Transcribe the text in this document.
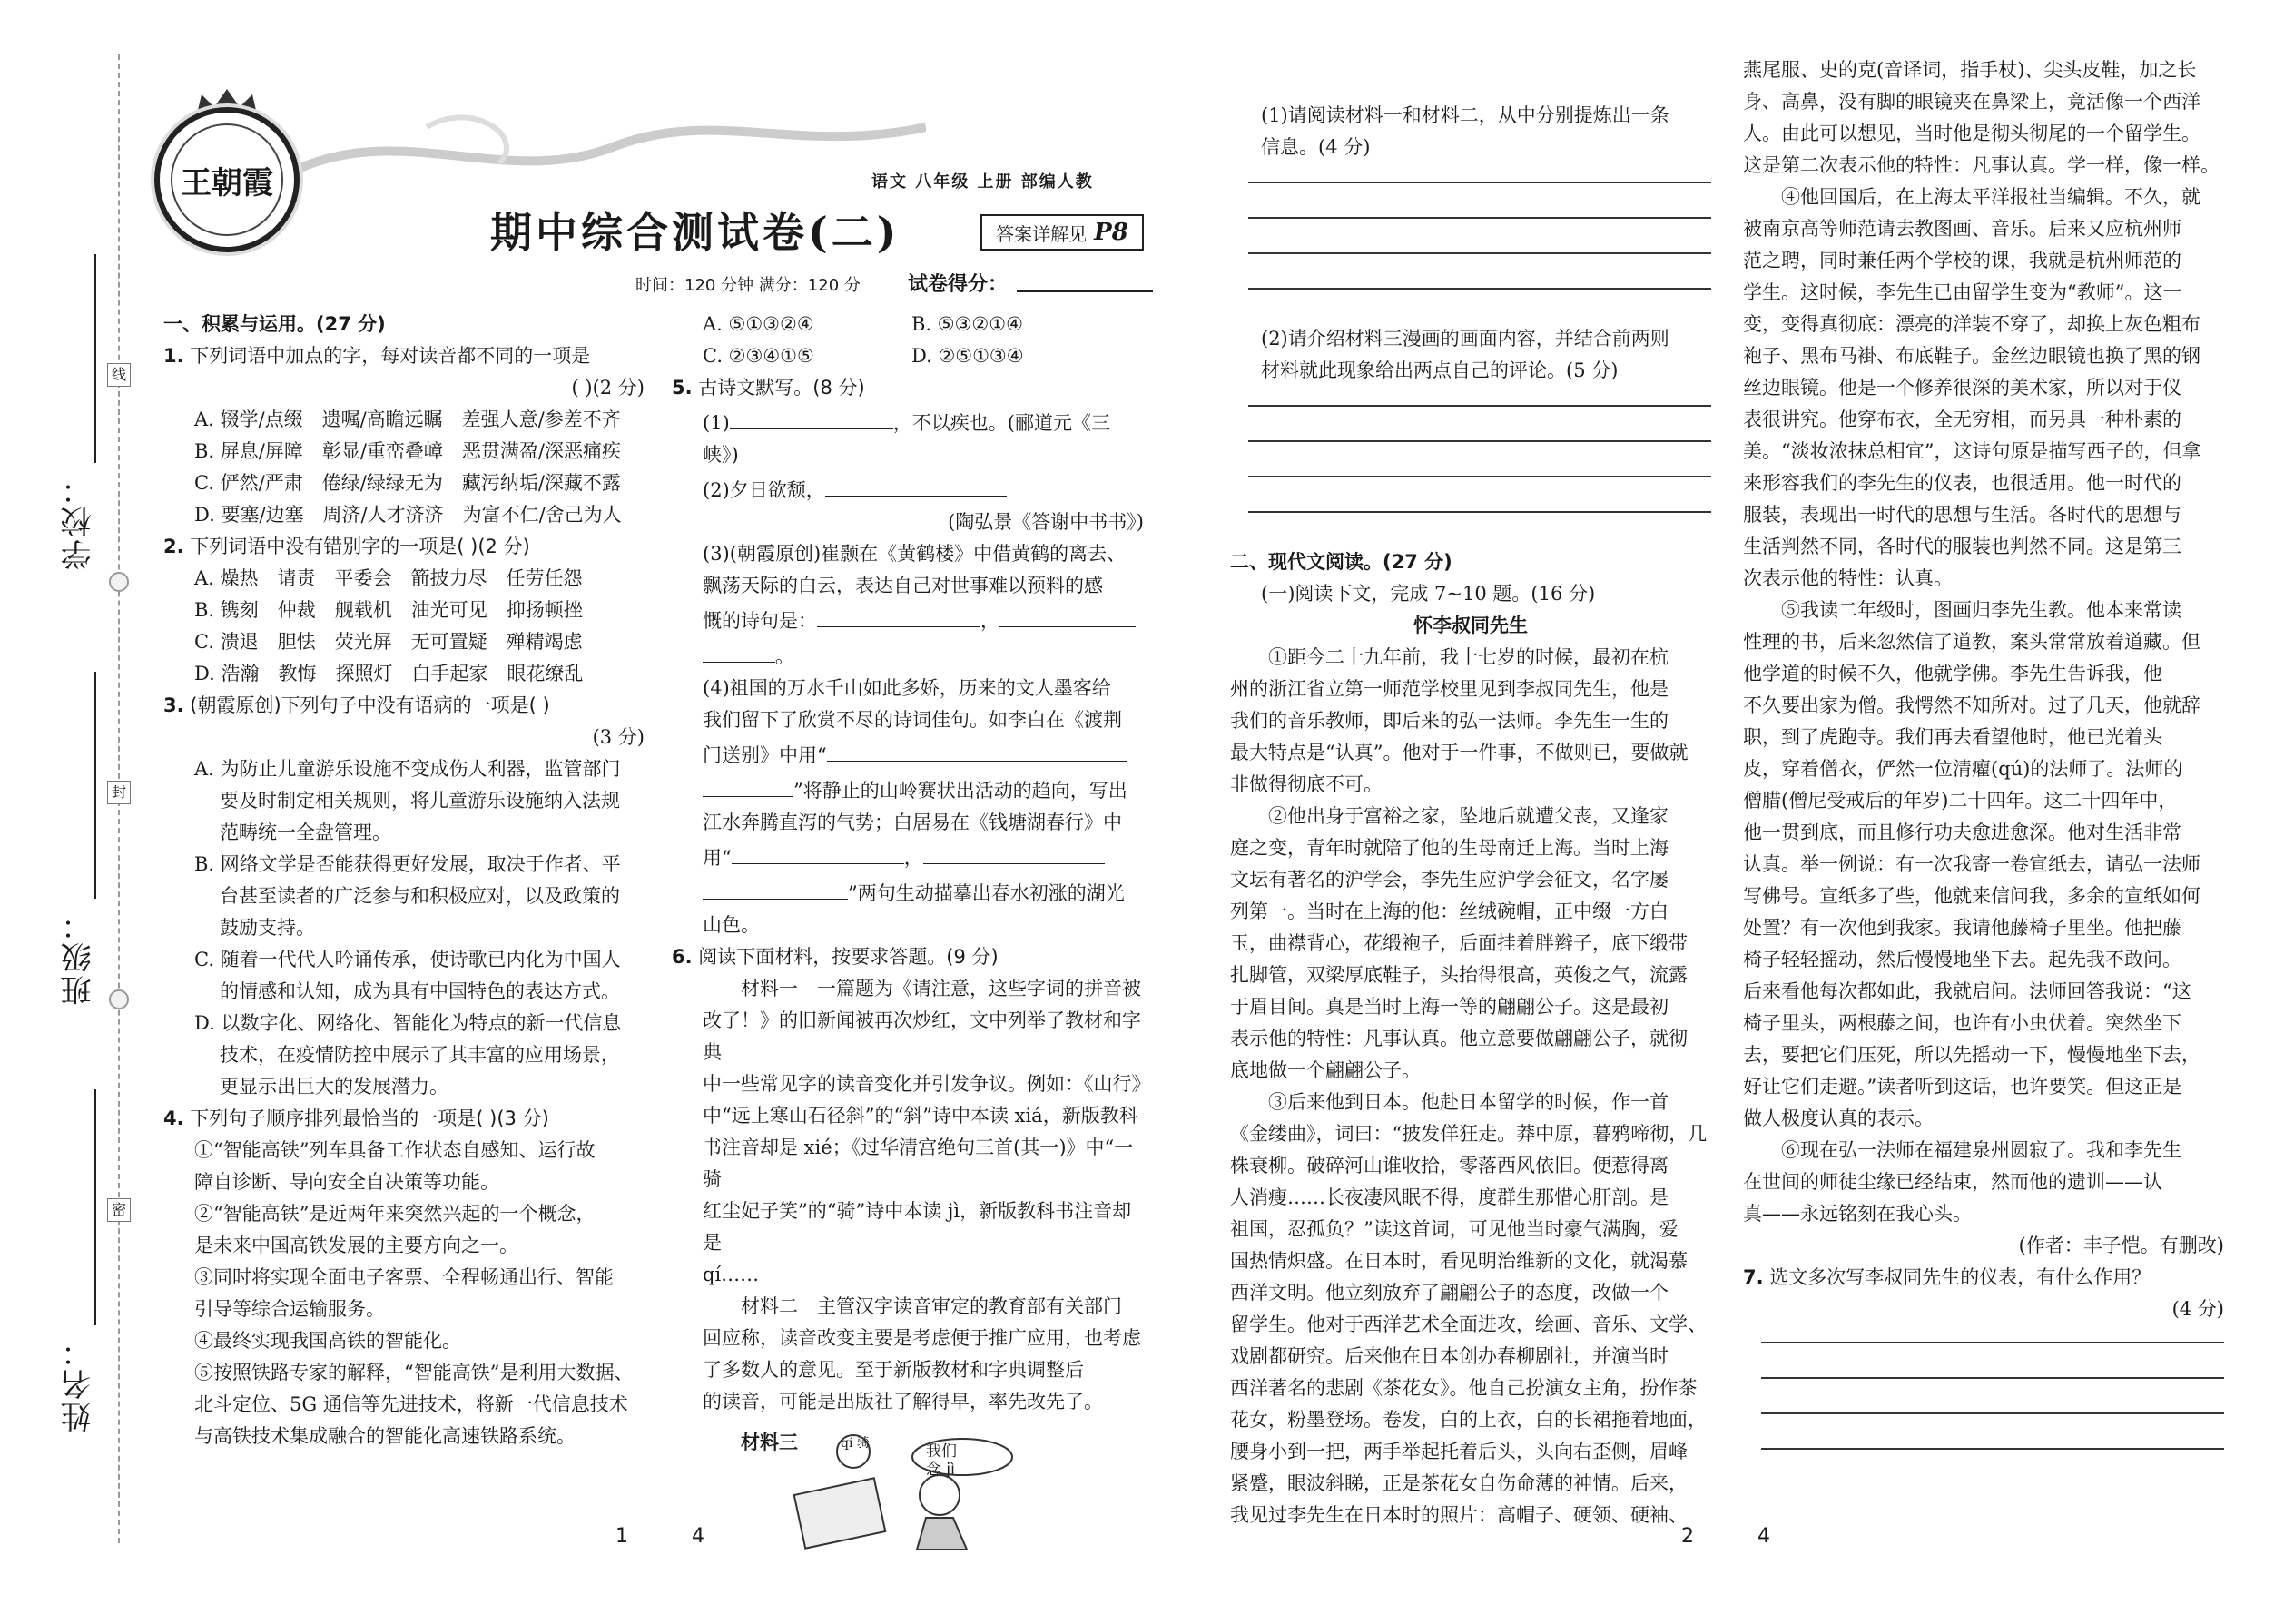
线
封
密
学校：
班级：
姓名：
王朝霞	语文 八年级 上册 部编人教
期中综合测试卷(二)	答案详解见 P8
时间：120 分钟 满分：120 分 试卷得分：

一、积累与运用。(27 分)

1. 下列词语中加点的字，每对读音都不同的一项是

( )(2 分)

A. 辍学/点缀　遗嘱/高瞻远瞩　差强人意/参差不齐

B. 屏息/屏障　彰显/重峦叠嶂　恶贯满盈/深恶痛疾

C. 俨然/严肃　倦绿/绿绿无为　藏污纳垢/深藏不露

D. 要塞/边塞　周济/人才济济　为富不仁/舍己为人

2. 下列词语中没有错别字的一项是( )(2 分)

A. 燥热　请责　平委会　箭披力尽　任劳任怨

B. 镌刻　仲裁　舰载机　油光可见　抑扬顿挫

C. 溃退　胆怯　荧光屏　无可置疑　殚精竭虑

D. 浩瀚　教悔　探照灯　白手起家　眼花缭乱

3. (朝霞原创)下列句子中没有语病的一项是( )

(3 分)

A. 为防止儿童游乐设施不变成伤人利器，监管部门

要及时制定相关规则，将儿童游乐设施纳入法规

范畴统一全盘管理。

B. 网络文学是否能获得更好发展，取决于作者、平

台甚至读者的广泛参与和积极应对，以及政策的

鼓励支持。

C. 随着一代代人吟诵传承，使诗歌已内化为中国人

的情感和认知，成为具有中国特色的表达方式。

D. 以数字化、网络化、智能化为特点的新一代信息

技术，在疫情防控中展示了其丰富的应用场景，

更显示出巨大的发展潜力。

4. 下列句子顺序排列最恰当的一项是( )(3 分)

①“智能高铁”列车具备工作状态自感知、运行故

障自诊断、导向安全自决策等功能。

②“智能高铁”是近两年来突然兴起的一个概念，

是未来中国高铁发展的主要方向之一。

③同时将实现全面电子客票、全程畅通出行、智能

引导等综合运输服务。

④最终实现我国高铁的智能化。

⑤按照铁路专家的解释，“智能高铁”是利用大数据、

北斗定位、5G 通信等先进技术，将新一代信息技术

与高铁技术集成融合的智能化高速铁路系统。

A. ⑤①③②④	B. ⑤③②①④
C. ②③④①⑤	D. ②⑤①③④

5. 古诗文默写。(8 分)

(1)	，不以疾也。(郦道元《三峡》)

(2)夕日欲颓，

(陶弘景《答谢中书书》)

(3)(朝霞原创)崔颢在《黄鹤楼》中借黄鹤的离去、

飘荡天际的白云，表达自己对世事难以预料的感

慨的诗句是：	，

。

(4)祖国的万水千山如此多娇，历来的文人墨客给

我们留下了欣赏不尽的诗词佳句。如李白在《渡荆

门送别》中用“

”将静止的山岭赛状出活动的趋向，写出

江水奔腾直泻的气势；白居易在《钱塘湖春行》中

用“	，

”两句生动描摹出春水初涨的湖光

山色。

6. 阅读下面材料，按要求答题。(9 分)

材料一　一篇题为《请注意，这些字词的拼音被

改了！》的旧新闻被再次炒红，文中列举了教材和字典

中一些常见字的读音变化并引发争议。例如：《山行》

中“远上寒山石径斜”的“斜”诗中本读 xiá，新版教科

书注音却是 xié；《过华清宫绝句三首(其一)》中“一骑

红尘妃子笑”的“骑”诗中本读 jì，新版教科书注音却是

qí……

材料二　主管汉字读音审定的教育部有关部门

回应称，读音改变主要是考虑便于推广应用，也考虑

了多数人的意见。至于新版教材和字典调整后

的读音，可能是出版社了解得早，率先改先了。

材料三	qí 骑	我们念 jì
1	4

(1)请阅读材料一和材料二，从中分别提炼出一条

信息。(4 分)

(2)请介绍材料三漫画的画面内容，并结合前两则

材料就此现象给出两点自己的评论。(5 分)

二、现代文阅读。(27 分)

(一)阅读下文，完成 7~10 题。(16 分)

怀李叔同先生

①距今二十九年前，我十七岁的时候，最初在杭

州的浙江省立第一师范学校里见到李叔同先生，他是

我们的音乐教师，即后来的弘一法师。李先生一生的

最大特点是“认真”。他对于一件事，不做则已，要做就

非做得彻底不可。

②他出身于富裕之家，坠地后就遭父丧，又逢家

庭之变，青年时就陪了他的生母南迁上海。当时上海

文坛有著名的沪学会，李先生应沪学会征文，名字屡

列第一。当时在上海的他：丝绒碗帽，正中缀一方白

玉，曲襟背心，花缎袍子，后面挂着胖辫子，底下缎带

扎脚管，双梁厚底鞋子，头抬得很高，英俊之气，流露

于眉目间。真是当时上海一等的翩翩公子。这是最初

表示他的特性：凡事认真。他立意要做翩翩公子，就彻

底地做一个翩翩公子。

③后来他到日本。他赴日本留学的时候，作一首

《金缕曲》，词曰：“披发佯狂走。莽中原，暮鸦啼彻，几

株衰柳。破碎河山谁收拾，零落西风依旧。便惹得离

人消瘦……长夜凄风眠不得，度群生那惜心肝剖。是

祖国，忍孤负？”读这首词，可见他当时豪气满胸，爱

国热情炽盛。在日本时，看见明治维新的文化，就渴慕

西洋文明。他立刻放弃了翩翩公子的态度，改做一个

留学生。他对于西洋艺术全面进攻，绘画、音乐、文学、

戏剧都研究。后来他在日本创办春柳剧社，并演当时

西洋著名的悲剧《茶花女》。他自己扮演女主角，扮作茶

花女，粉墨登场。卷发，白的上衣，白的长裙拖着地面，

腰身小到一把，两手举起托着后头，头向右歪侧，眉峰

紧蹙，眼波斜睇，正是茶花女自伤命薄的神情。后来，

我见过李先生在日本时的照片：高帽子、硬领、硬袖、

燕尾服、史的克(音译词，指手杖)、尖头皮鞋，加之长

身、高鼻，没有脚的眼镜夹在鼻梁上，竟活像一个西洋

人。由此可以想见，当时他是彻头彻尾的一个留学生。

这是第二次表示他的特性：凡事认真。学一样，像一样。

④他回国后，在上海太平洋报社当编辑。不久，就

被南京高等师范请去教图画、音乐。后来又应杭州师

范之聘，同时兼任两个学校的课，我就是杭州师范的

学生。这时候，李先生已由留学生变为“教师”。这一

变，变得真彻底：漂亮的洋装不穿了，却换上灰色粗布

袍子、黑布马褂、布底鞋子。金丝边眼镜也换了黑的钢

丝边眼镜。他是一个修养很深的美术家，所以对于仪

表很讲究。他穿布衣，全无穷相，而另具一种朴素的

美。“淡妆浓抹总相宜”，这诗句原是描写西子的，但拿

来形容我们的李先生的仪表，也很适用。他一时代的

服装，表现出一时代的思想与生活。各时代的思想与

生活判然不同，各时代的服装也判然不同。这是第三

次表示他的特性：认真。

⑤我读二年级时，图画归李先生教。他本来常读

性理的书，后来忽然信了道教，案头常常放着道藏。但

他学道的时候不久，他就学佛。李先生告诉我，他

不久要出家为僧。我愕然不知所对。过了几天，他就辞

职，到了虎跑寺。我们再去看望他时，他已光着头

皮，穿着僧衣，俨然一位清癯(qú)的法师了。法师的

僧腊(僧尼受戒后的年岁)二十四年。这二十四年中，

他一贯到底，而且修行功夫愈进愈深。他对生活非常

认真。举一例说：有一次我寄一卷宣纸去，请弘一法师

写佛号。宣纸多了些，他就来信问我，多余的宣纸如何

处置？有一次他到我家。我请他藤椅子里坐。他把藤

椅子轻轻摇动，然后慢慢地坐下去。起先我不敢问。

后来看他每次都如此，我就启问。法师回答我说：“这

椅子里头，两根藤之间，也许有小虫伏着。突然坐下

去，要把它们压死，所以先摇动一下，慢慢地坐下去，

好让它们走避。”读者听到这话，也许要笑。但这正是

做人极度认真的表示。

⑥现在弘一法师在福建泉州圆寂了。我和李先生

在世间的师徒尘缘已经结束，然而他的遗训——认

真——永远铭刻在我心头。

(作者：丰子恺。有删改)

7. 选文多次写李叔同先生的仪表，有什么作用？

(4 分)

2	4
